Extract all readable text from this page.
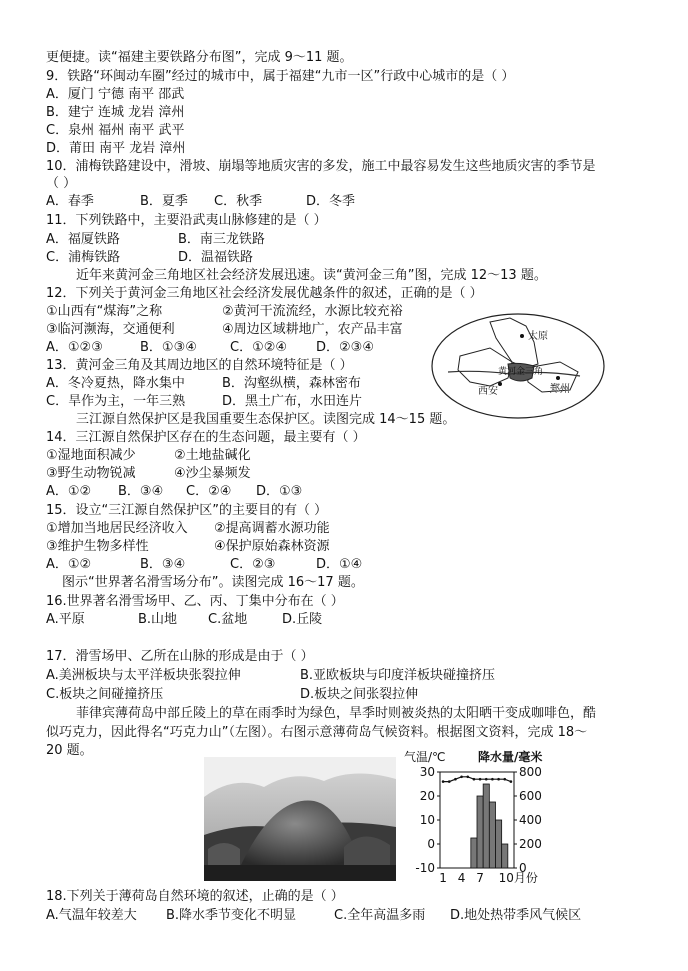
更便捷。读“福建主要铁路分布图”，完成 9～11 题。
9．铁路“环闽动车圈”经过的城市中，属于福建“九市一区”行政中心城市的是（ ）
A．厦门 宁德 南平 邵武
B．建宁 连城 龙岩 漳州
C．泉州 福州 南平 武平
D．莆田 南平 龙岩 漳州
10．浦梅铁路建设中，滑坡、崩塌等地质灾害的多发，施工中最容易发生这些地质灾害的季节是
（ ）
A．春季	B．夏季 C．秋季	D．冬季
11．下列铁路中，主要沿武夷山脉修建的是（ ）
A．福厦铁路	B．南三龙铁路
C．浦梅铁路	D．温福铁路
近年来黄河金三角地区社会经济发展迅速。读“黄河金三角”图，完成 12～13 题。
12．下列关于黄河金三角地区社会经济发展优越条件的叙述，正确的是（ ）
①山西有“煤海”之称	②黄河干流流经，水源比较充裕
③临河濒海，交通便利	④周边区域耕地广，农产品丰富
A．①②③	B．①③④	C．①②④ D．②③④
13．黄河金三角及其周边地区的自然环境特征是（ ）
A．冬冷夏热，降水集中	B．沟壑纵横，森林密布
C．旱作为主，一年三熟	D．黑土广布，水田连片
太原
黄河金三角
西安	郑州
三江源自然保护区是我国重要生态保护区。读图完成 14～15 题。
14．三江源自然保护区存在的生态问题，最主要有（ ）
①湿地面积减少	②土地盐碱化
③野生动物锐减	④沙尘暴频发
A．①② B．③④ C．②④ D．①③
15．设立“三江源自然保护区”的主要目的有（ ）
①增加当地居民经济收入 ②提高调蓄水源功能
③维护生物多样性	④保护原始森林资源
A．①②	B．③④	C．②③	D．①④
图示“世界著名滑雪场分布”。读图完成 16～17 题。
16.世界著名滑雪场甲、乙、丙、丁集中分布在（ ）
A.平原	B.山地 C.盆地	D.丘陵
17．滑雪场甲、乙所在山脉的形成是由于（ ）
A.美洲板块与太平洋板块张裂拉伸	B.亚欧板块与印度洋板块碰撞挤压
C.板块之间碰撞挤压	D.板块之间张裂拉伸
菲律宾薄荷岛中部丘陵上的草在雨季时为绿色，旱季时则被炎热的太阳晒干变成咖啡色，酷
似巧克力，因此得名“巧克力山”（左图）。右图示意薄荷岛气候资料。根据图文资料，完成 18～
20 题。	气温/℃	降水量/毫米
30
20
10
0
-10
800
600
400
200
0
1 4 7 10月份
18.下列关于薄荷岛自然环境的叙述，止确的是（ ）
A.气温年较差大 B.降水季节变化不明显	C.全年高温多雨 D.地处热带季风气候区
